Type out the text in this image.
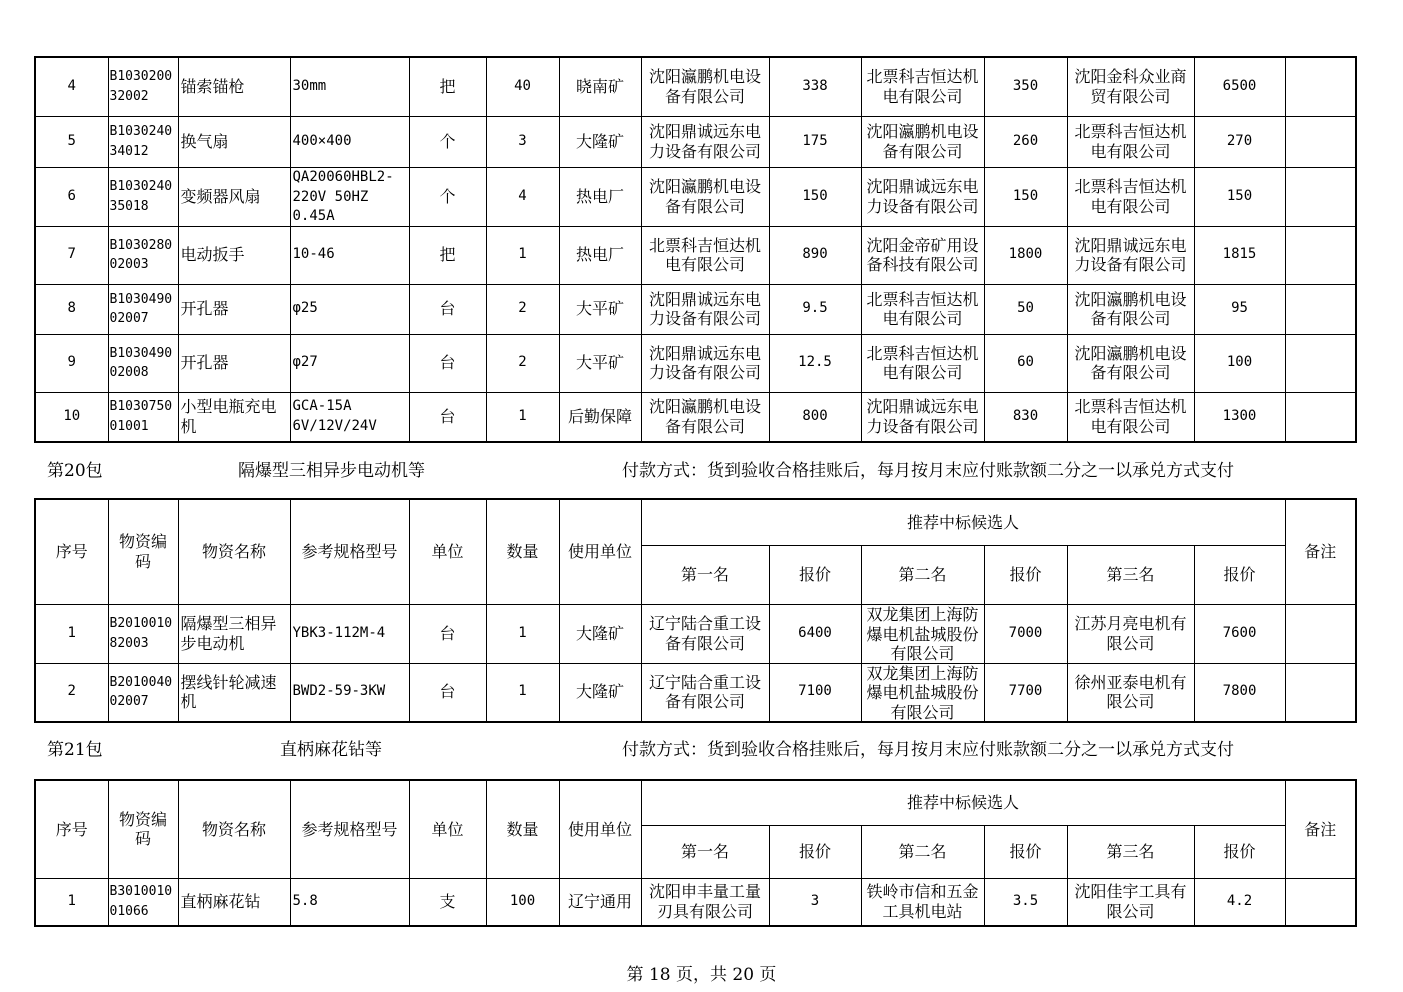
4	B103020032002	锚索锚枪	30mm	把	40	晓南矿	沈阳瀛鹏机电设备有限公司	338	北票科吉恒达机电有限公司	350	沈阳金科众业商贸有限公司	6500	

5	B103024034012	换气扇	400×400	个	3	大隆矿	沈阳鼎诚远东电力设备有限公司	175	沈阳瀛鹏机电设备有限公司	260	北票科吉恒达机电有限公司	270	

6	B103024035018	变频器风扇	QA20060HBL2-
220V 50HZ
0.45A	个	4	热电厂	沈阳瀛鹏机电设备有限公司	150	沈阳鼎诚远东电力设备有限公司	150	北票科吉恒达机电有限公司	150	

7	B103028002003	电动扳手	10-46	把	1	热电厂	北票科吉恒达机电有限公司	890	沈阳金帝矿用设备科技有限公司	1800	沈阳鼎诚远东电力设备有限公司	1815	

8	B103049002007	开孔器	φ25	台	2	大平矿	沈阳鼎诚远东电力设备有限公司	9.5	北票科吉恒达机电有限公司	50	沈阳瀛鹏机电设备有限公司	95	

9	B103049002008	开孔器	φ27	台	2	大平矿	沈阳鼎诚远东电力设备有限公司	12.5	北票科吉恒达机电有限公司	60	沈阳瀛鹏机电设备有限公司	100	

10	B103075001001	小型电瓶充电机	GCA-15A
6V/12V/24V	台	1	后勤保障	沈阳瀛鹏机电设备有限公司	800	沈阳鼎诚远东电力设备有限公司	830	北票科吉恒达机电有限公司	1300	

第20包	隔爆型三相异步电动机等	付款方式：货到验收合格挂账后，每月按月末应付账款额二分之一以承兑方式支付
序号	物资编码	物资名称	参考规格型号	单位	数量	使用单位	推荐中标候选人						备注

							第一名	报价	第二名	报价	第三名	报价	

1	B201001082003	隔爆型三相异步电动机	YBK3-112M-4	台	1	大隆矿	辽宁陆合重工设备有限公司	6400	双龙集团上海防爆电机盐城股份有限公司	7000	江苏月亮电机有限公司	7600	

2	B201004002007	摆线针轮减速机	BWD2-59-3KW	台	1	大隆矿	辽宁陆合重工设备有限公司	7100	双龙集团上海防爆电机盐城股份有限公司	7700	徐州亚泰电机有限公司	7800	

第21包	直柄麻花钻等	付款方式：货到验收合格挂账后，每月按月末应付账款额二分之一以承兑方式支付
序号	物资编码	物资名称	参考规格型号	单位	数量	使用单位	推荐中标候选人						备注

							第一名	报价	第二名	报价	第三名	报价	

1	B301001001066	直柄麻花钻	5.8	支	100	辽宁通用	沈阳申丰量工量刃具有限公司	3	铁岭市信和五金工具机电站	3.5	沈阳佳宇工具有限公司	4.2	

第 18 页，共 20 页
